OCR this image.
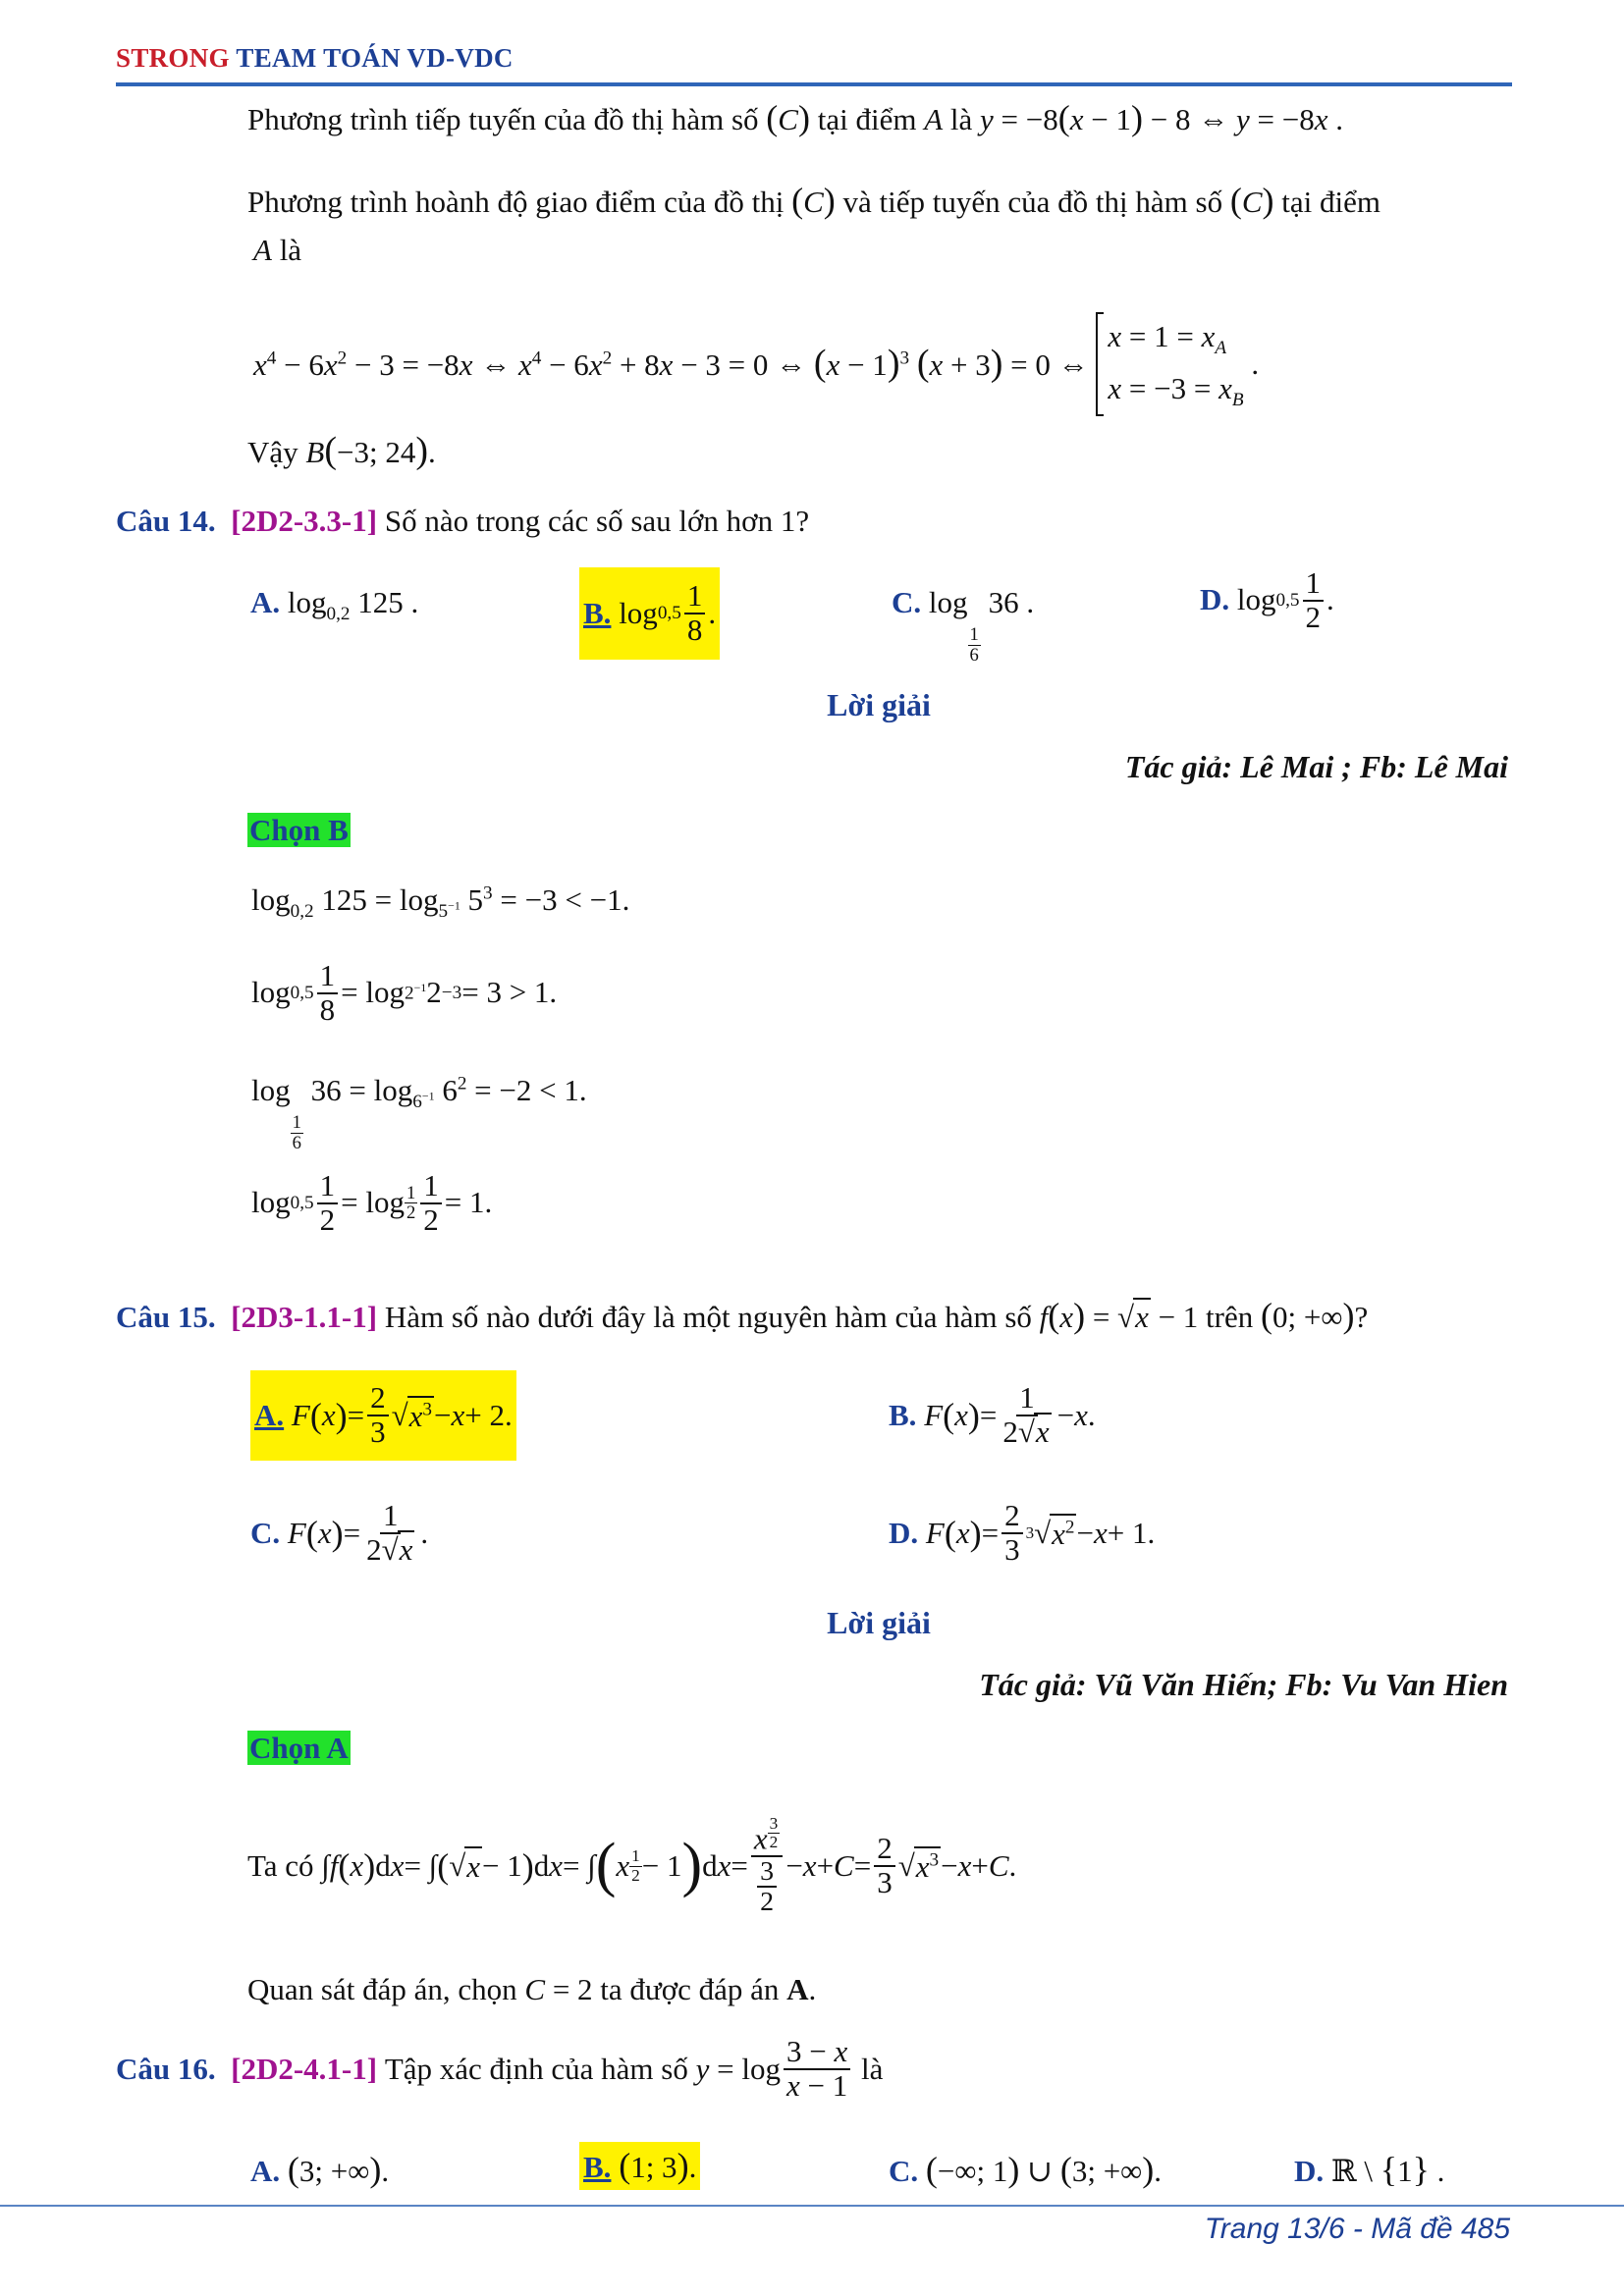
STRONG TEAM TOÁN VD-VDC
Phương trình tiếp tuyến của đồ thị hàm số (C) tại điểm A là y = −8(x − 1) − 8 ⇔ y = −8x .
Phương trình hoành độ giao điểm của đồ thị (C) và tiếp tuyến của đồ thị hàm số (C) tại điểm
A là
$x^4 - 6x^2 - 3 = -8x$ ⇔ $x^4 - 6x^2 + 8x - 3 = 0$ ⇔ $(x - 1)^3$ (x + 3) = 0 ⇔
$x = 1 = x_A$
$x = -3 = x_B$
.
Vậy B(−3; 24).
Câu 14. [2D2-3.3-1] Số nào trong các số sau lớn hơn 1?
A. $\log_{0,2} 125$ .	B. $\log 0,5 \frac{1}{8}$ .	C. log
$\frac{1}{6}$
36 .	D. $\log 0,5 \frac{1}{2}$ .
Lời giải
Tác giả: Lê Mai ; Fb: Lê Mai
Chọn B
$\log_{0,2} 125 = \log_{5^{-1}} 5^3 = -3 < -1$.
$\log 0,5 \frac{1}{8} = \log 2^{-1}$ 2 −3 = 3 > 1.
log
$\frac{1}{6}$
$36 = \log_{6^{-1}} 6^2 = -2 < 1$.
$\log 0,5 \frac{1}{2} = \log 1$
$2 \frac{1}{2} = 1$.
Câu 15. [2D3-1.1-1] Hàm số nào dưới đây là một nguyên hàm của hàm số f(x) = √x − 1 trên (0; +∞)?
A.
F ( x ) = $\frac{2}{3}$ √ $x^3 - x + 2$.	B.
F ( x ) = $\frac{1}{2√x} - x$ .
C.
F ( x ) = $\frac{1}{2√x}$ .	D.
F ( x ) = $\frac{2}{3} 3$ √ $x^2 - x + 1$.
Lời giải
Tác giả: Vũ Văn Hiến; Fb: Vu Van Hien
Chọn A
Ta có ∫ f ( x ) d x = ∫ ( √ x − 1 ) d x = ∫ ( x $\frac{1}{2} - 1$ ) d x = x $^{\frac{3}{2}}$
$\frac{3}{2} - x + C = \frac{2}{3}$ √ $x^3 - x + C$ .
Quan sát đáp án, chọn C = 2 ta được đáp án A.
Câu 16.
[2D2-4.1-1] Tập xác định của hàm số $y = \log \frac{3 - x}{x - 1}$ là
A. (3; +∞).	B. (1; 3).	C. (−∞; 1) ∪ (3; +∞).	D. ℝ \ {1} .
Trang 13/6 - Mã đề 485
